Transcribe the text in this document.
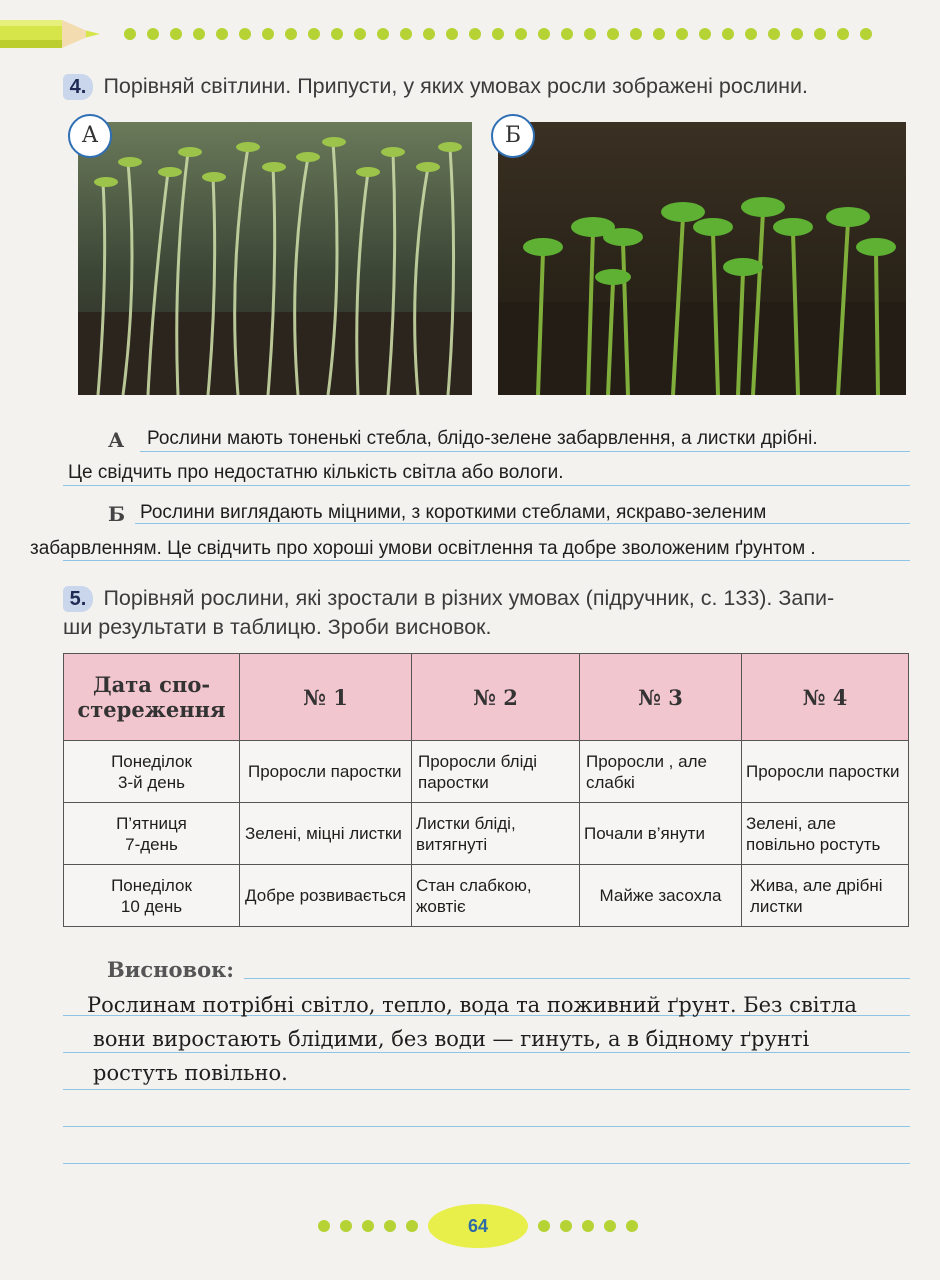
4. Порівняй світлини. Припусти, у яких умовах росли зображені рослини.
А	Б
А Рослини мають тоненькі стебла, блідо-зелене забарвлення, а листки дрібні.
Це свідчить про недостатню кількість світла або вологи.
Б Рослини виглядають міцними, з короткими стеблами, яскраво-зеленим
забарвленням. Це свідчить про хороші умови освітлення та добре зволоженим ґрунтом .
5. Порівняй рослини, які зростали в різних умовах (підручник, с. 133). Запи-
ши результати в таблицю. Зроби висновок.
Дата спо-
стереження	№ 1	№ 2	№ 3	№ 4
Понеділок
3-й день	Проросли паростки	Проросли бліді паростки	Проросли , але слабкі	Проросли паростки
П’ятниця
7-день	Зелені, міцні листки	Листки бліді, витягнуті	Почали в’янути	Зелені, але повільно ростуть
Понеділок
10 день	Добре розвивається	Стан слабкою, жовтіє	Майже засохла	Жива, але дрібні листки
Висновок:
Рослинам потрібні світло, тепло, вода та поживний ґрунт. Без світла
вони виростають блідими, без води — гинуть, а в бідному ґрунті
ростуть повільно.
64
